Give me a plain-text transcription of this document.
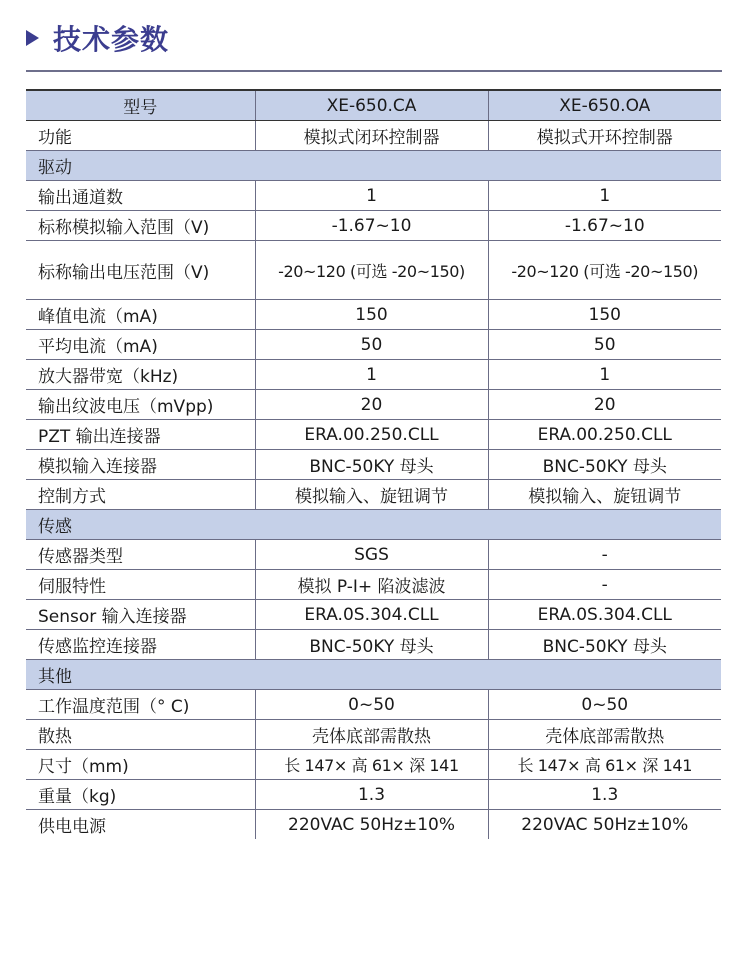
技术参数
型号	XE-650.CA	XE-650.OA
功能	模拟式闭环控制器	模拟式开环控制器
驱动		
输出通道数	1	1
标称模拟输入范围（V)	-1.67~10	-1.67~10
标称输出电压范围（V)	-20~120 (可选 -20~150)	-20~120 (可选 -20~150)
峰值电流（mA)	150	150
平均电流（mA)	50	50
放大器带宽（kHz)	1	1
输出纹波电压（mVpp)	20	20
PZT 输出连接器	ERA.00.250.CLL	ERA.00.250.CLL
模拟输入连接器	BNC-50KY 母头	BNC-50KY 母头
控制方式	模拟输入、旋钮调节	模拟输入、旋钮调节
传感		
传感器类型	SGS	-
伺服特性	模拟 P-I+ 陷波滤波	-
Sensor 输入连接器	ERA.0S.304.CLL	ERA.0S.304.CLL
传感监控连接器	BNC-50KY 母头	BNC-50KY 母头
其他		
工作温度范围（° C)	0~50	0~50
散热	壳体底部需散热	壳体底部需散热
尺寸（mm)	长 147× 高 61× 深 141	长 147× 高 61× 深 141
重量（kg)	1.3	1.3
供电电源	220VAC 50Hz±10%	220VAC 50Hz±10%
